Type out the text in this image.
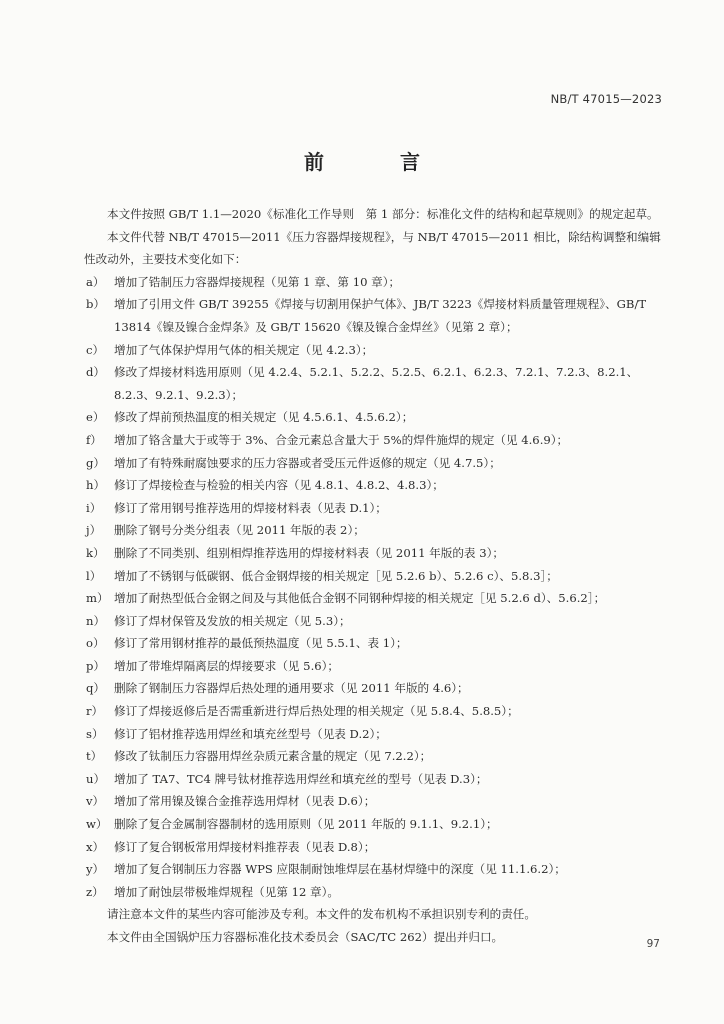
NB/T 47015—2023
前　言

本文件按照 GB/T 1.1—2020《标准化工作导则　第 1 部分：标准化文件的结构和起草规则》的规定起草。

本文件代替 NB/T 47015—2011《压力容器焊接规程》，与 NB/T 47015—2011 相比，除结构调整和编辑性改动外，主要技术变化如下：

a） 增加了锆制压力容器焊接规程（见第 1 章、第 10 章）；
b） 增加了引用文件 GB/T 39255《焊接与切割用保护气体》、JB/T 3223《焊接材料质量管理规程》、GB/T 13814《镍及镍合金焊条》及 GB/T 15620《镍及镍合金焊丝》（见第 2 章）；
c） 增加了气体保护焊用气体的相关规定（见 4.2.3）；
d） 修改了焊接材料选用原则（见 4.2.4、5.2.1、5.2.2、5.2.5、6.2.1、6.2.3、7.2.1、7.2.3、8.2.1、8.2.3、9.2.1、9.2.3）；
e） 修改了焊前预热温度的相关规定（见 4.5.6.1、4.5.6.2）；
f）	增加了铬含量大于或等于 3%、合金元素总含量大于 5%的焊件施焊的规定（见 4.6.9）；
g） 增加了有特殊耐腐蚀要求的压力容器或者受压元件返修的规定（见 4.7.5）；
h） 修订了焊接检查与检验的相关内容（见 4.8.1、4.8.2、4.8.3）；
i）	修订了常用钢号推荐选用的焊接材料表（见表 D.1）；
j）	删除了钢号分类分组表（见 2011 年版的表 2）；
k） 删除了不同类别、组别相焊推荐选用的焊接材料表（见 2011 年版的表 3）；
l）	增加了不锈钢与低碳钢、低合金钢焊接的相关规定［见 5.2.6 b）、5.2.6 c）、5.8.3］；
m） 增加了耐热型低合金钢之间及与其他低合金钢不同钢种焊接的相关规定［见 5.2.6 d）、5.6.2］；
n） 修订了焊材保管及发放的相关规定（见 5.3）；
o） 修订了常用钢材推荐的最低预热温度（见 5.5.1、表 1）；
p） 增加了带堆焊隔离层的焊接要求（见 5.6）；
q） 删除了钢制压力容器焊后热处理的通用要求（见 2011 年版的 4.6）；
r） 修订了焊接返修后是否需重新进行焊后热处理的相关规定（见 5.8.4、5.8.5）；
s） 修订了铝材推荐选用焊丝和填充丝型号（见表 D.2）；
t）	修改了钛制压力容器用焊丝杂质元素含量的规定（见 7.2.2）；
u） 增加了 TA7、TC4 牌号钛材推荐选用焊丝和填充丝的型号（见表 D.3）；
v） 增加了常用镍及镍合金推荐选用焊材（见表 D.6）；
w） 删除了复合金属制容器制材的选用原则（见 2011 年版的 9.1.1、9.2.1）；
x） 修订了复合钢板常用焊接材料推荐表（见表 D.8）；
y） 增加了复合钢制压力容器 WPS 应限制耐蚀堆焊层在基材焊缝中的深度（见 11.1.6.2）；
z） 增加了耐蚀层带极堆焊规程（见第 12 章）。

请注意本文件的某些内容可能涉及专利。本文件的发布机构不承担识别专利的责任。

本文件由全国锅炉压力容器标准化技术委员会（SAC/TC 262）提出并归口。	97
